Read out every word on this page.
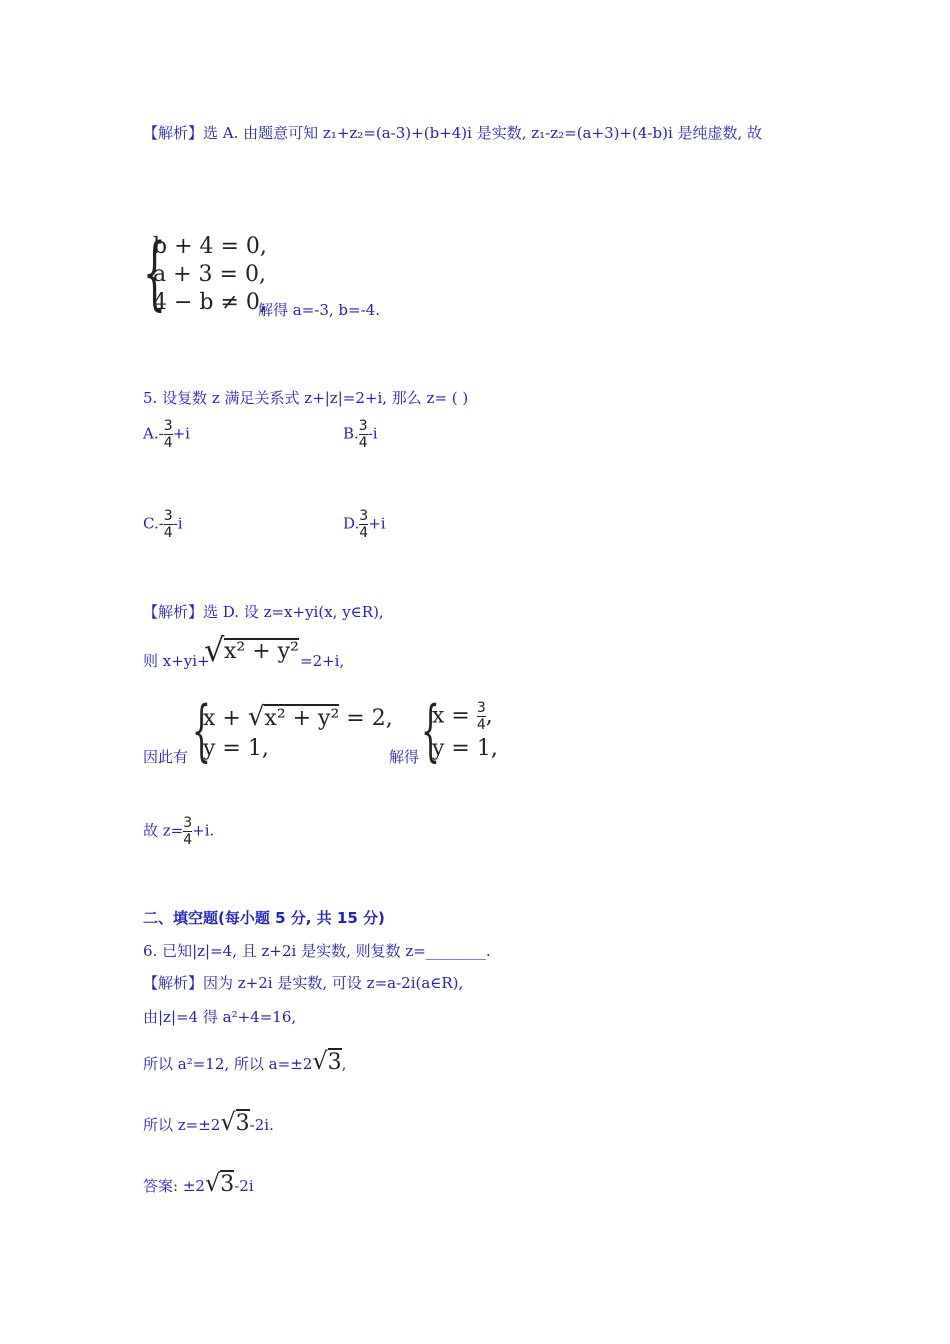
【解析】选 A. 由题意可知 z₁+z₂=(a-3)+(b+4)i 是实数, z₁-z₂=(a+3)+(4-b)i 是纯虚数, 故
{
b + 4 = 0,
a + 3 = 0,
4 − b ≠ 0,
解得 a=-3, b=-4.
5. 设复数 z 满足关系式 z+|z|=2+i, 那么 z= ( )
$A.- \frac{3}{4} +i$	B. $\frac{3}{4} -i$
$C.- \frac{3}{4} -i$	D. $\frac{3}{4} +i$
【解析】选 D. 设 z=x+yi(x, y∈R),
则 x+yi+
√ x² + y² =2+i,
因此有 {
x + √x² + y² = 2,
y = 1,	解得 {
$x = \frac{3}{4}$ ,
y = 1,
故 $z= \frac{3}{4} +i$.
二、填空题(每小题 5 分, 共 15 分)
6. 已知|z|=4, 且 z+2i 是实数, 则复数 z=________.
【解析】因为 z+2i 是实数, 可设 z=a-2i(a∈R),
由|z|=4 得 a²+4=16,
所以 a²=12, 所以 a=±2√3,
所以 z=±2√3-2i.
答案: ±2√3-2i
